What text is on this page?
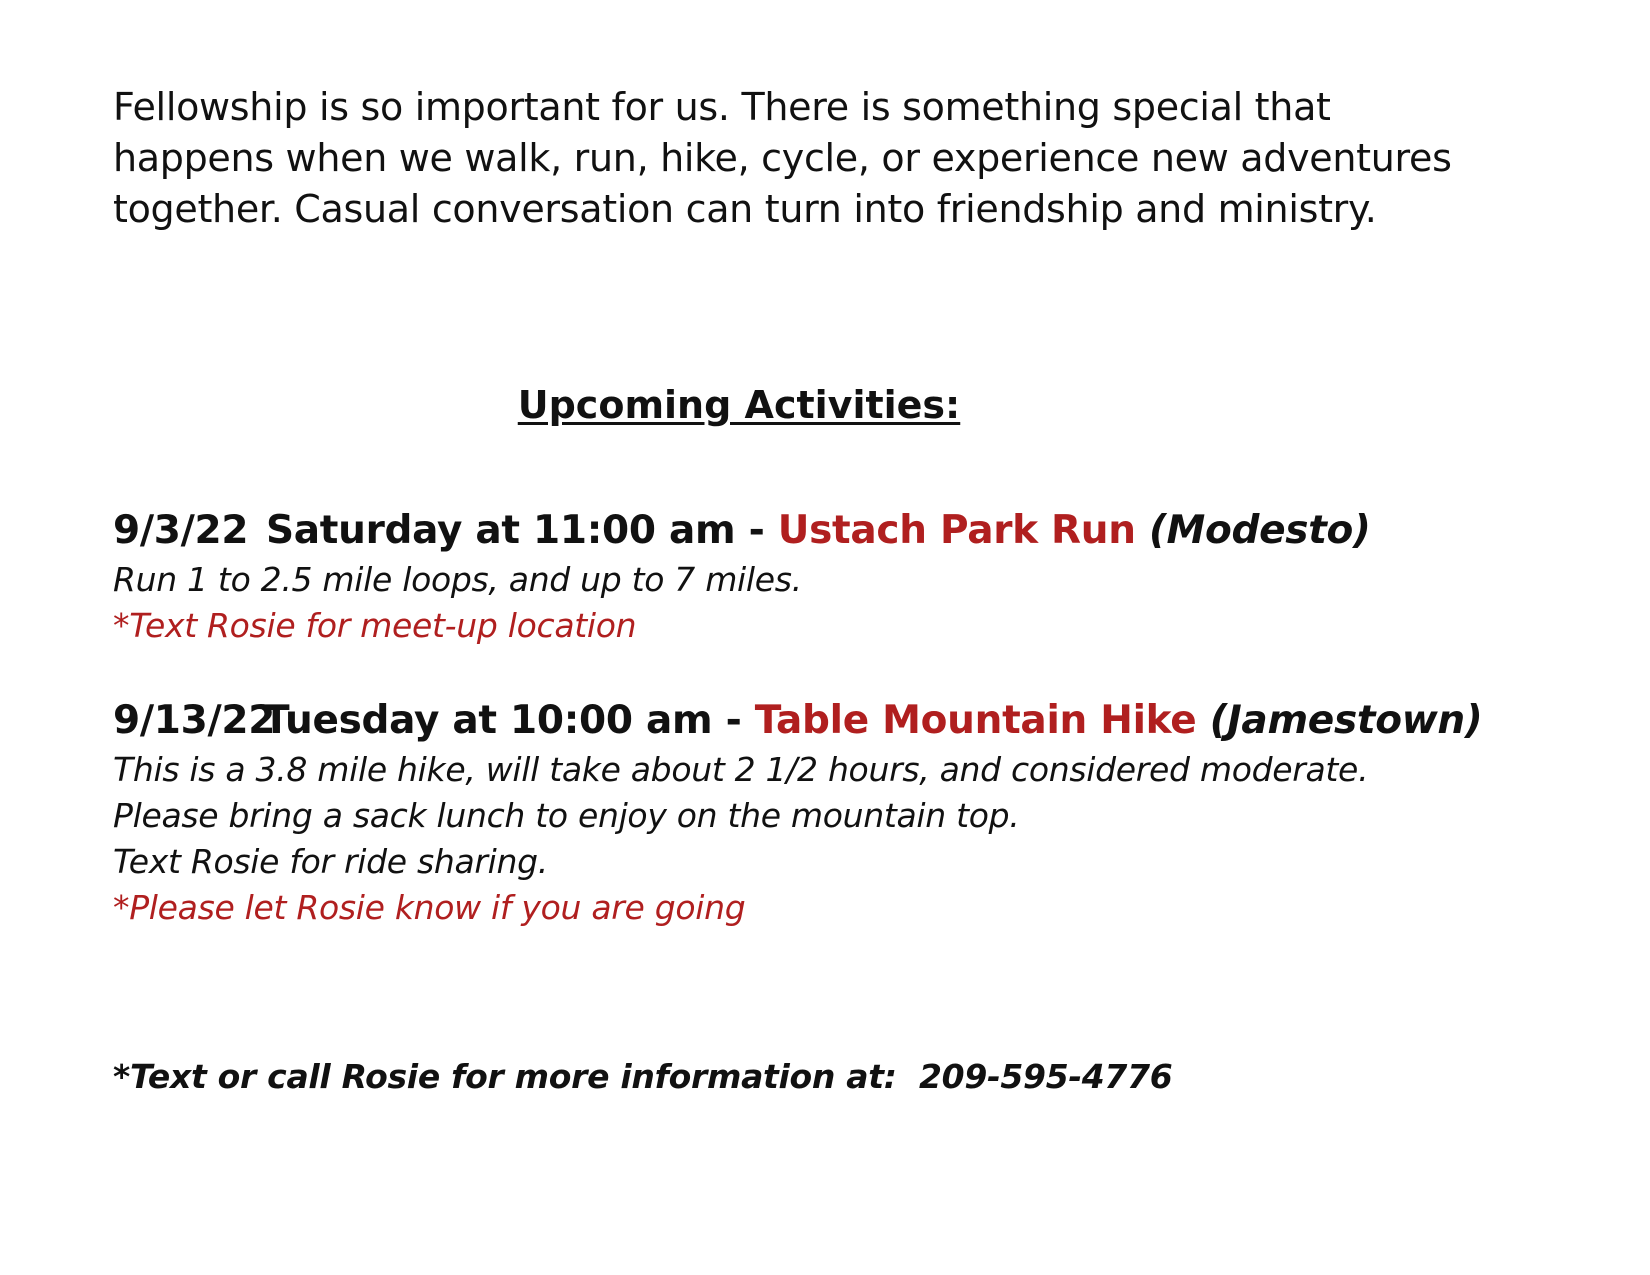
Fellowship is so important for us. There is something special that
happens when we walk, run, hike, cycle, or experience new adventures
together. Casual conversation can turn into friendship and ministry.
Upcoming Activities:
9/3/22 Saturday at 11:00 am - Ustach Park Run (Modesto)
Run 1 to 2.5 mile loops, and up to 7 miles.
*Text Rosie for meet-up location
9/13/22Tuesday at 10:00 am - Table Mountain Hike (Jamestown)
This is a 3.8 mile hike, will take about 2 1/2 hours, and considered moderate.
Please bring a sack lunch to enjoy on the mountain top.
Text Rosie for ride sharing.
*Please let Rosie know if you are going

*Text or call Rosie for more information at:  209-595-4776
